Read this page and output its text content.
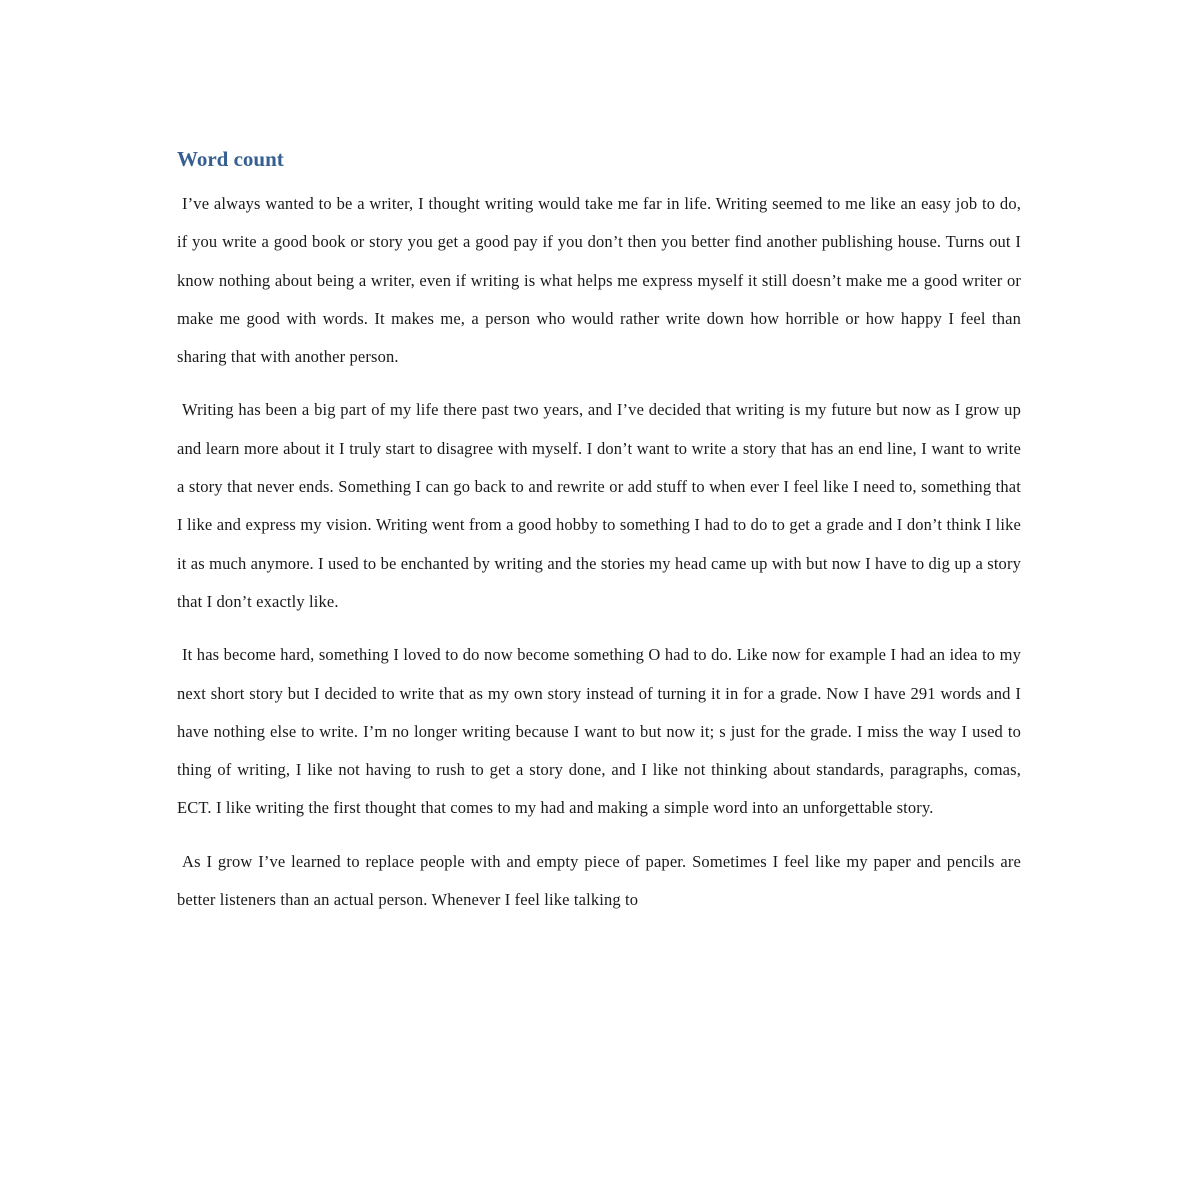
Word count

I’ve always wanted to be a writer, I thought writing would take me far in life. Writing seemed to me like an easy job to do, if you write a good book or story you get a good pay if you don’t then you better find another publishing house. Turns out I know nothing about being a writer, even if writing is what helps me express myself it still doesn’t make me a good writer or make me good with words. It makes me, a person who would rather write down how horrible or how happy I feel than sharing that with another person.

Writing has been a big part of my life there past two years, and I’ve decided that writing is my future but now as I grow up and learn more about it I truly start to disagree with myself. I don’t want to write a story that has an end line, I want to write a story that never ends. Something I can go back to and rewrite or add stuff to when ever I feel like I need to, something that I like and express my vision. Writing went from a good hobby to something I had to do to get a grade and I don’t think I like it as much anymore. I used to be enchanted by writing and the stories my head came up with but now I have to dig up a story that I don’t exactly like.

It has become hard, something I loved to do now become something O had to do. Like now for example I had an idea to my next short story but I decided to write that as my own story instead of turning it in for a grade. Now I have 291 words and I have nothing else to write. I’m no longer writing because I want to but now it; s just for the grade. I miss the way I used to thing of writing, I like not having to rush to get a story done, and I like not thinking about standards, paragraphs, comas, ECT. I like writing the first thought that comes to my had and making a simple word into an unforgettable story.

As I grow I’ve learned to replace people with and empty piece of paper. Sometimes I feel like my paper and pencils are better listeners than an actual person. Whenever I feel like talking to
